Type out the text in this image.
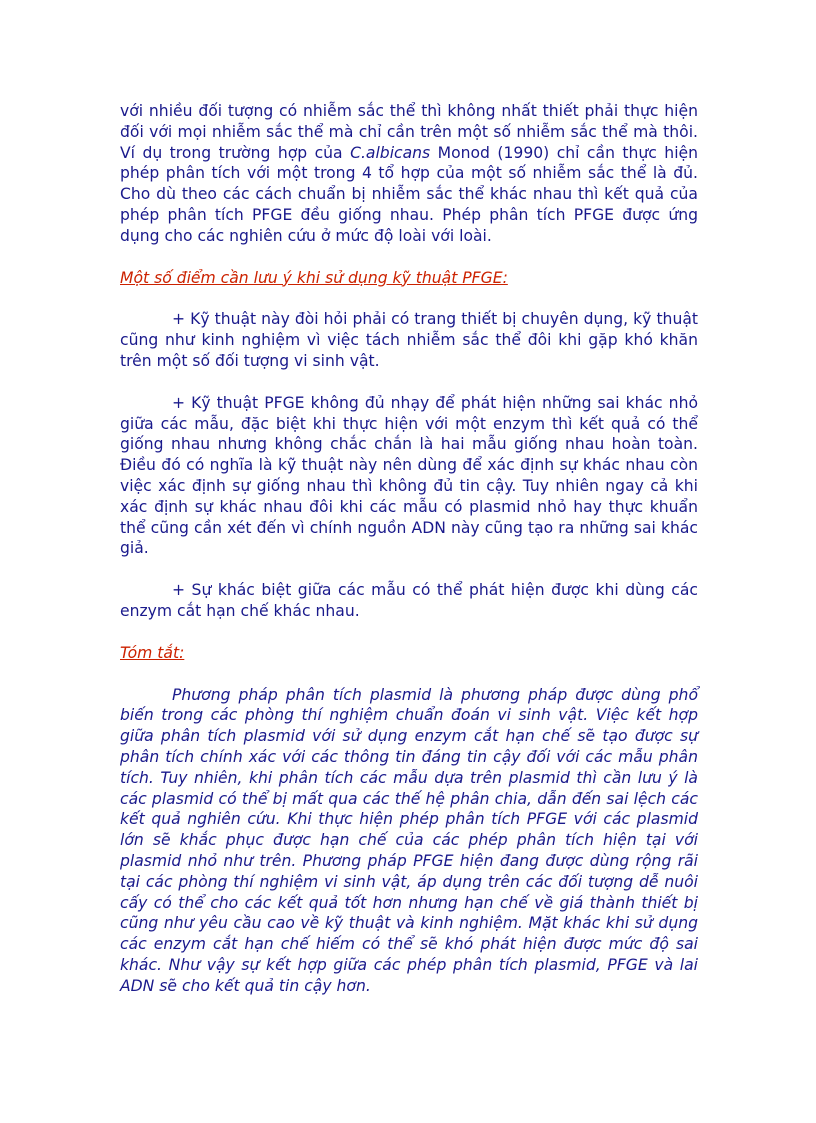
với nhiều đối tượng có nhiễm sắc thể thì không nhất thiết phải thực hiện đối với mọi nhiễm sắc thể mà chỉ cần trên một số nhiễm sắc thể mà thôi. Ví dụ trong trường hợp của C.albicans Monod (1990) chỉ cần thực hiện phép phân tích với một trong 4 tổ hợp của một số nhiễm sắc thể là đủ. Cho dù theo các cách chuẩn bị nhiễm sắc thể khác nhau thì kết quả của phép phân tích PFGE đều giống nhau. Phép phân tích PFGE được ứng dụng cho các nghiên cứu ở mức độ loài với loài.

Một số điểm cần lưu ý khi sử dụng kỹ thuật PFGE:

+ Kỹ thuật này đòi hỏi phải có trang thiết bị chuyên dụng, kỹ thuật cũng như kinh nghiệm vì việc tách nhiễm sắc thể đôi khi gặp khó khăn trên một số đối tượng vi sinh vật.

+ Kỹ thuật PFGE không đủ nhạy để phát hiện những sai khác nhỏ giữa các mẫu, đặc biệt khi thực hiện với một enzym thì kết quả có thể giống nhau nhưng không chắc chắn là hai mẫu giống nhau hoàn toàn. Điều đó có nghĩa là kỹ thuật này nên dùng để xác định sự khác nhau còn việc xác định sự giống nhau thì không đủ tin cậy. Tuy nhiên ngay cả khi xác định sự khác nhau đôi khi các mẫu có plasmid nhỏ hay thực khuẩn thể cũng cần xét đến vì chính nguồn ADN này cũng tạo ra những sai khác giả.

+ Sự khác biệt giữa các mẫu có thể phát hiện được khi dùng các enzym cắt hạn chế khác nhau.

Tóm tắt:

Phương pháp phân tích plasmid là phương pháp được dùng phổ biến trong các phòng thí nghiệm chuẩn đoán vi sinh vật. Việc kết hợp giữa phân tích plasmid với sử dụng enzym cắt hạn chế sẽ tạo được sự phân tích chính xác với các thông tin đáng tin cậy đối với các mẫu phân tích. Tuy nhiên, khi phân tích các mẫu dựa trên plasmid thì cần lưu ý là các plasmid có thể bị mất qua các thế hệ phân chia, dẫn đến sai lệch các kết quả nghiên cứu. Khi thực hiện phép phân tích PFGE với các plasmid lớn sẽ khắc phục được hạn chế của các phép phân tích hiện tại với plasmid nhỏ như trên. Phương pháp PFGE hiện đang được dùng rộng rãi tại các phòng thí nghiệm vi sinh vật, áp dụng trên các đối tượng dễ nuôi cấy có thể cho các kết quả tốt hơn nhưng hạn chế về giá thành thiết bị cũng như yêu cầu cao về kỹ thuật và kinh nghiệm. Mặt khác khi sử dụng các enzym cắt hạn chế hiếm có thể sẽ khó phát hiện được mức độ sai khác. Như vậy sự kết hợp giữa các phép phân tích plasmid, PFGE và lai ADN sẽ cho kết quả tin cậy hơn.
